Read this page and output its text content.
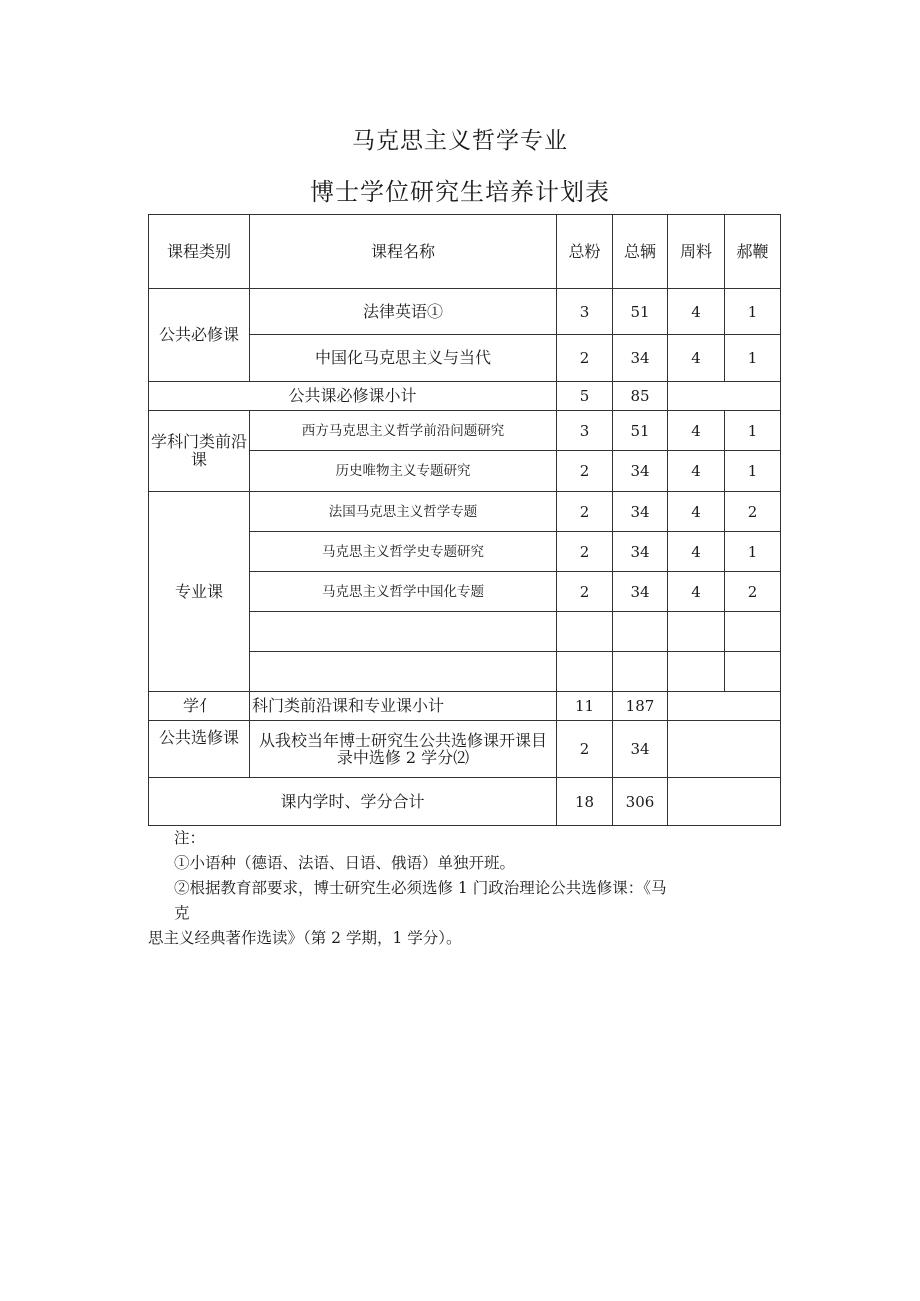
马克思主义哲学专业
博士学位研究生培养计划表
课程类别	课程名称	总粉	总辆	周料	郝鞭
公共必修课	法律英语①	3	51	4	1
	中国化马克思主义与当代	2	34	4	1
公共课必修课小计		5	85		
学科门类前沿课	西方马克思主义哲学前沿问题研究	3	51	4	1
	历史唯物主义专题研究	2	34	4	1
专业课	法国马克思主义哲学专题	2	34	4	2
	马克思主义哲学史专题研究	2	34	4	1
	马克思主义哲学中国化专题	2	34	4	2

学亻	科门类前沿课和专业课小计	11	187		
公共选修课	从我校当年博士研究生公共选修课开课目录中选修 2 学分⑵	2	34		
课内学时、学分合计		18	306		
注：
①小语种（德语、法语、日语、俄语）单独开班。
②根据教育部要求，博士研究生必须选修 1 门政治理论公共选修课：《马
克
思主义经典著作选读》（第 2 学期，1 学分）。
